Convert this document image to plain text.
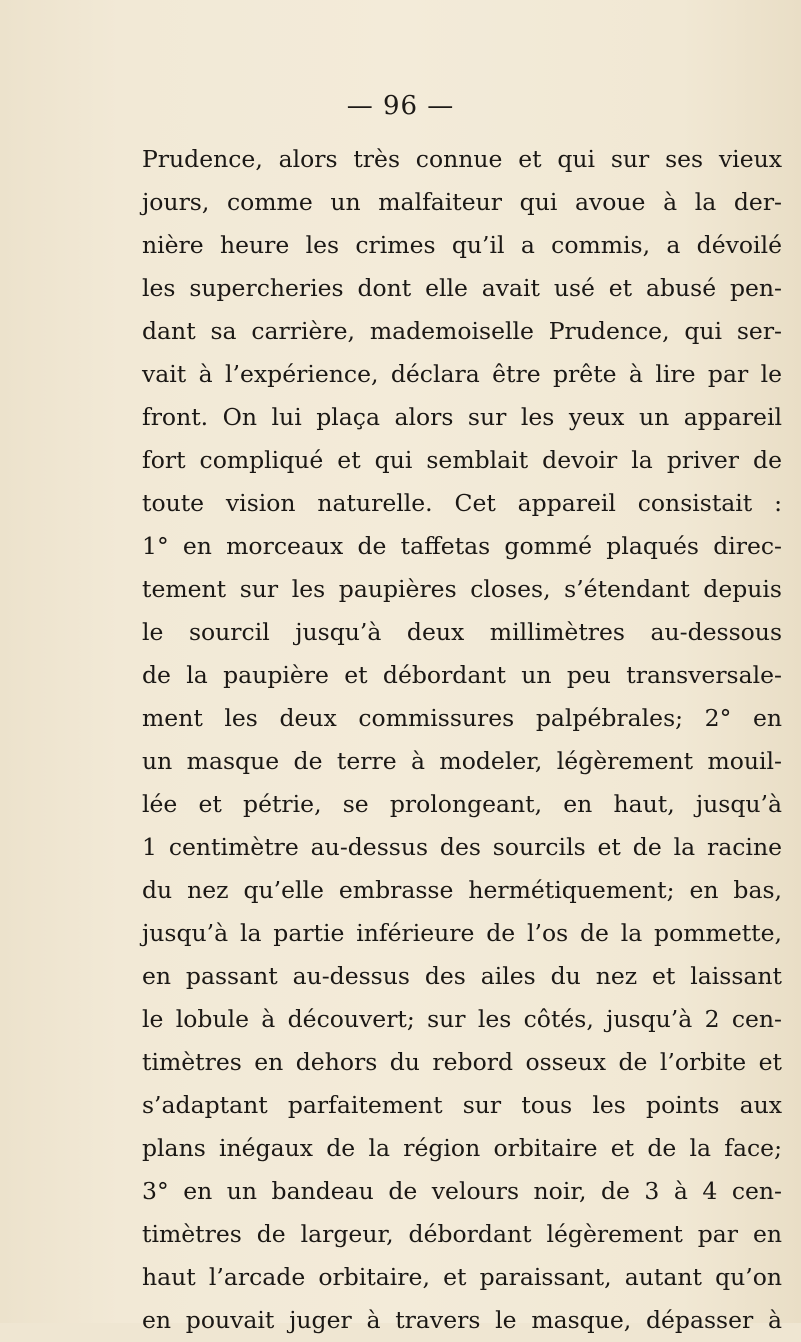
— 96 —
Prudence, alors très connue et qui sur ses vieux
jours, comme un malfaiteur qui avoue à la der-
nière heure les crimes qu’il a commis, a dévoilé
les supercheries dont elle avait usé et abusé pen-
dant sa carrière, mademoiselle Prudence, qui ser-
vait à l’expérience, déclara être prête à lire par le
front. On lui plaça alors sur les yeux un appareil
fort compliqué et qui semblait devoir la priver de
toute vision naturelle. Cet appareil consistait :
1° en morceaux de taffetas gommé plaqués direc-
tement sur les paupières closes, s’étendant depuis
le sourcil jusqu’à deux millimètres au-dessous
de la paupière et débordant un peu transversale-
ment les deux commissures palpébrales; 2° en
un masque de terre à modeler, légèrement mouil-
lée et pétrie, se prolongeant, en haut, jusqu’à
1 centimètre au-dessus des sourcils et de la racine
du nez qu’elle embrasse hermétiquement; en bas,
jusqu’à la partie inférieure de l’os de la pommette,
en passant au-dessus des ailes du nez et laissant
le lobule à découvert; sur les côtés, jusqu’à 2 cen-
timètres en dehors du rebord osseux de l’orbite et
s’adaptant parfaitement sur tous les points aux
plans inégaux de la région orbitaire et de la face;
3° en un bandeau de velours noir, de 3 à 4 cen-
timètres de largeur, débordant légèrement par en
haut l’arcade orbitaire, et paraissant, autant qu’on
en pouvait juger à travers le masque, dépasser à
